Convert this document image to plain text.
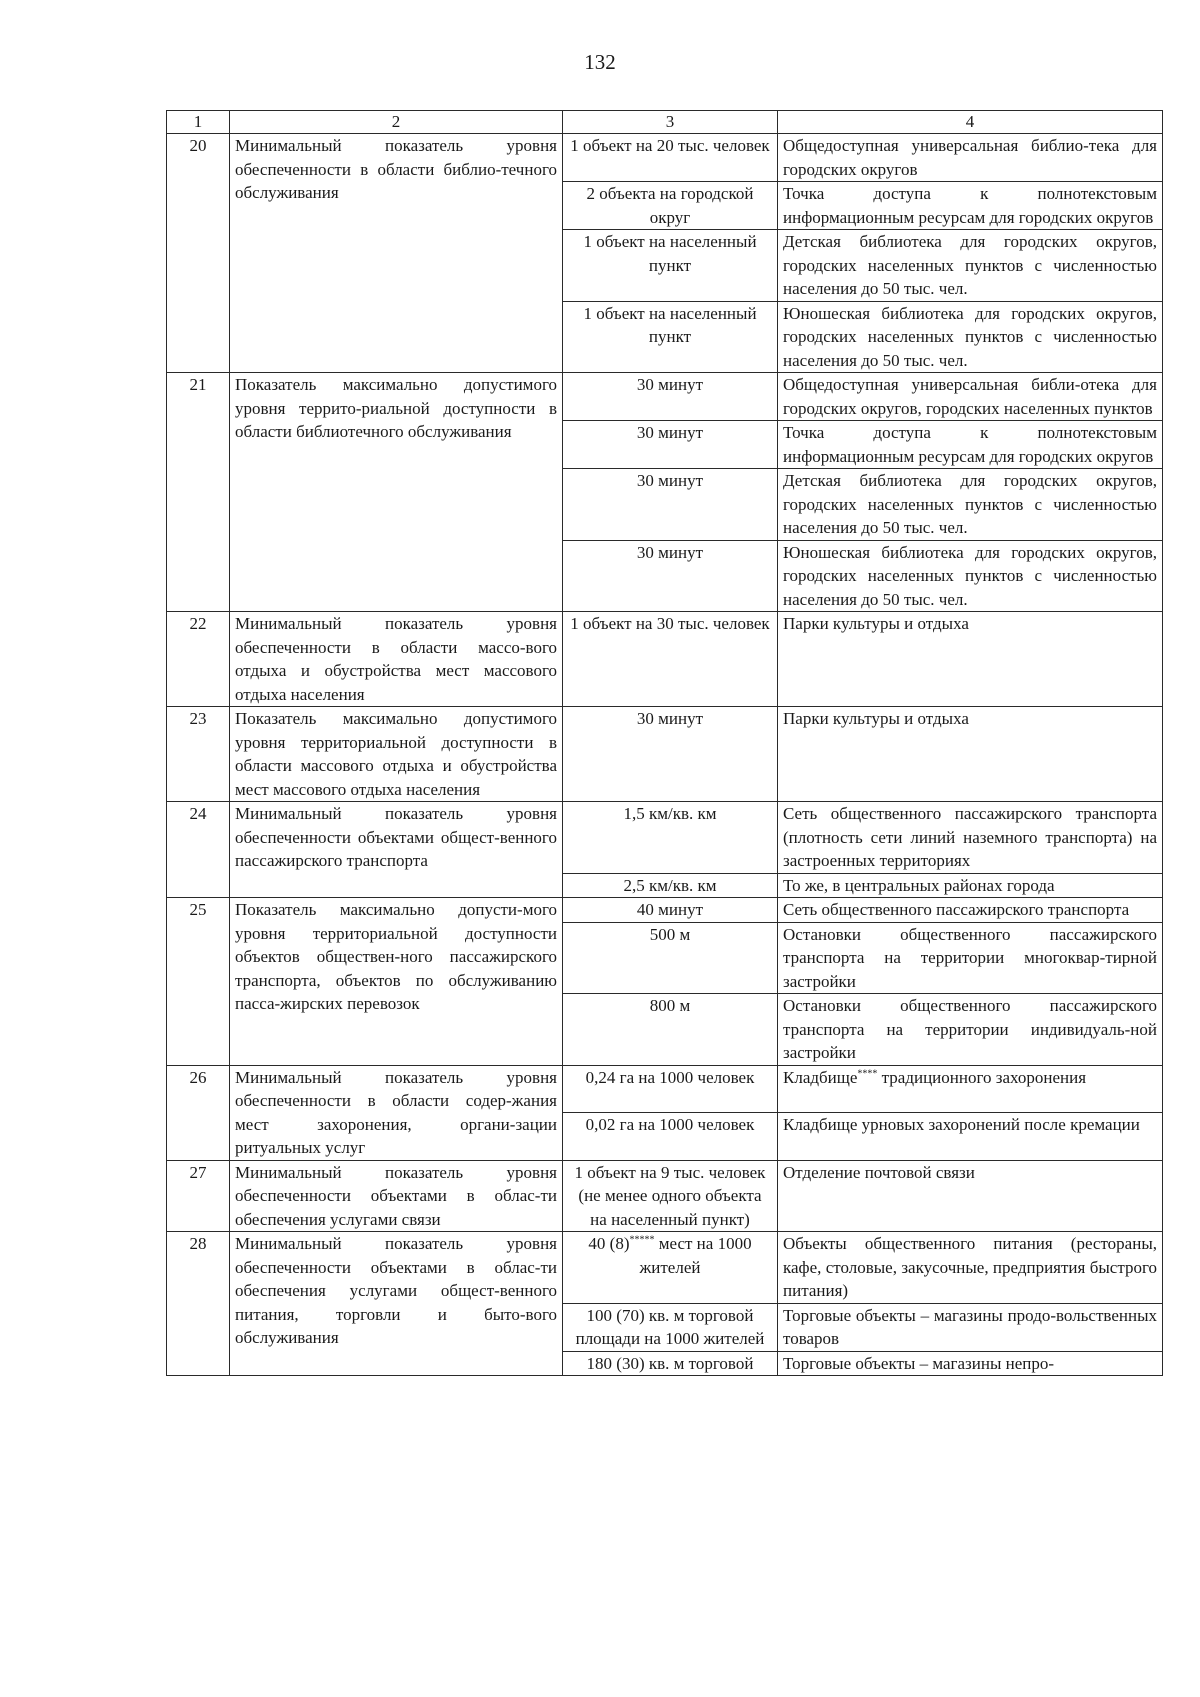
132
1	2	3	4
20	Минимальный показатель уровня обеспеченности в области библио-течного обслуживания	1 объект на 20 тыс. человек	Общедоступная универсальная библио-тека для городских округов
		2 объекта на городской округ	Точка доступа к полнотекстовым информационным ресурсам для городских округов
		1 объект на населенный пункт	Детская библиотека для городских округов, городских населенных пунктов с численностью населения до 50 тыс. чел.
		1 объект на населенный пункт	Юношеская библиотека для городских округов, городских населенных пунктов с численностью населения до 50 тыс. чел.
21	Показатель максимально допустимого уровня террито-риальной доступности в области библиотечного обслуживания	30 минут	Общедоступная универсальная библи-отека для городских округов, городских населенных пунктов
		30 минут	Точка доступа к полнотекстовым информационным ресурсам для городских округов
		30 минут	Детская библиотека для городских округов, городских населенных пунктов с численностью населения до 50 тыс. чел.
		30 минут	Юношеская библиотека для городских округов, городских населенных пунктов с численностью населения до 50 тыс. чел.
22	Минимальный показатель уровня обеспеченности в области массо-вого отдыха и обустройства мест массового отдыха населения	1 объект на 30 тыс. человек	Парки культуры и отдыха
23	Показатель максимально допустимого уровня территориальной доступности в области массового отдыха и обустройства мест массового отдыха населения	30 минут	Парки культуры и отдыха
24	Минимальный показатель уровня обеспеченности объектами общест-венного пассажирского транспорта	1,5 км/кв. км	Сеть общественного пассажирского транспорта (плотность сети линий наземного транспорта) на застроенных территориях
		2,5 км/кв. км	То же, в центральных районах города
25	Показатель максимально допусти-мого уровня территориальной доступности объектов обществен-ного пассажирского транспорта, объектов по обслуживанию пасса-жирских перевозок	40 минут	Сеть общественного пассажирского транспорта
		500 м	Остановки общественного пассажирского транспорта на территории многоквар-тирной застройки
		800 м	Остановки общественного пассажирского транспорта на территории индивидуаль-ной застройки
26	Минимальный показатель уровня обеспеченности в области содер-жания мест захоронения, органи-зации ритуальных услуг	0,24 га на 1000 человек	Кладбище**** традиционного захоронения
		0,02 га на 1000 человек	Кладбище урновых захоронений после кремации
27	Минимальный показатель уровня обеспеченности объектами в облас-ти обеспечения услугами связи	1 объект на 9 тыс. человек (не менее одного объекта на населенный пункт)	Отделение почтовой связи
28	Минимальный показатель уровня обеспеченности объектами в облас-ти обеспечения услугами общест-венного питания, торговли и быто-вого обслуживания	40 (8)***** мест на 1000 жителей	Объекты общественного питания (рестораны, кафе, столовые, закусочные, предприятия быстрого питания)
		100 (70) кв. м торговой площади на 1000 жителей	Торговые объекты – магазины продо-вольственных товаров
		180 (30) кв. м торговой	Торговые объекты – магазины непро-
